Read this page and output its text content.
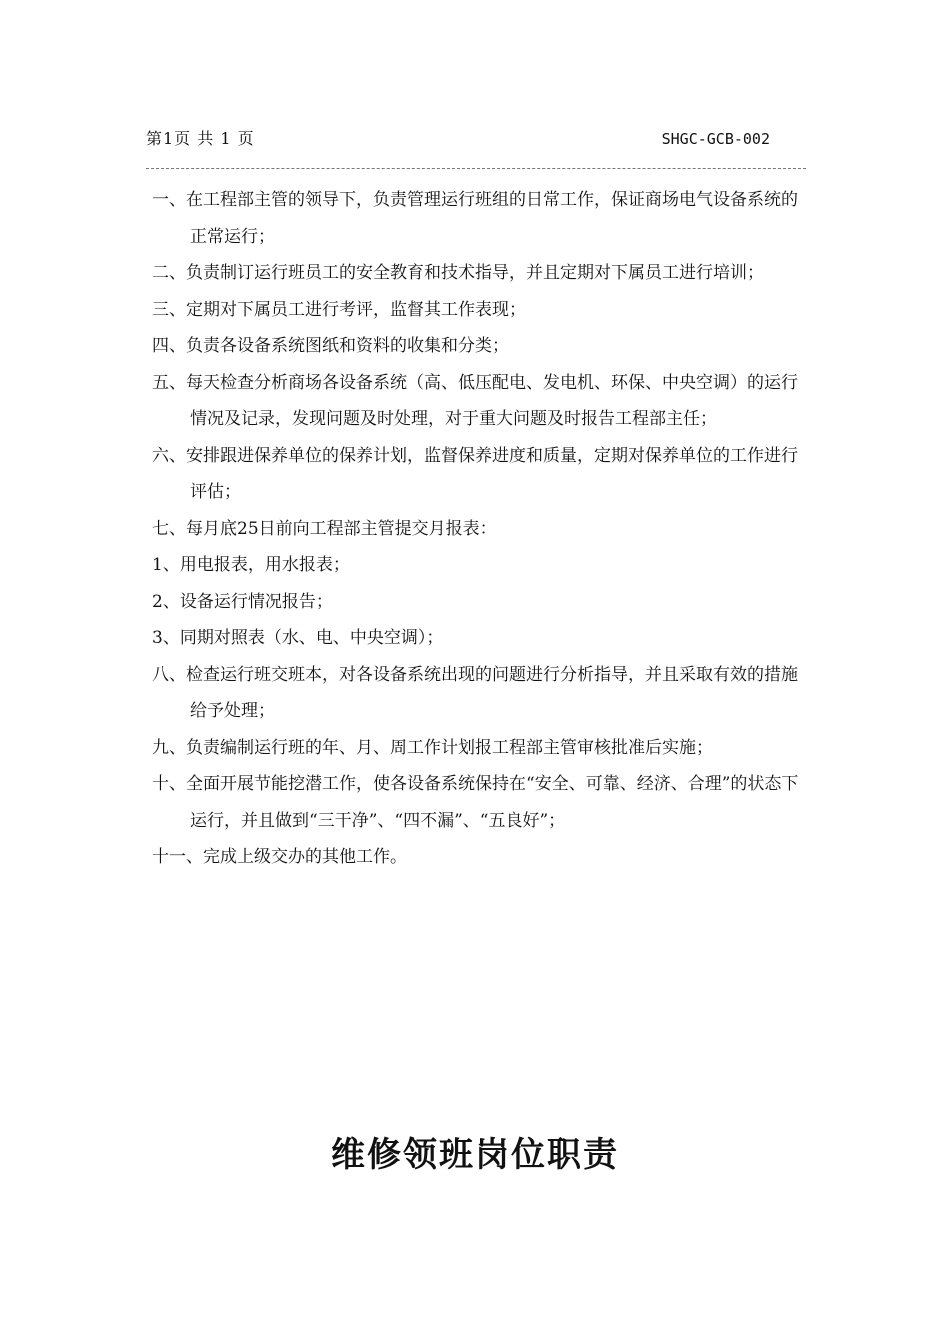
第1页 共 1 页	SHGC-GCB-002

一、在工程部主管的领导下，负责管理运行班组的日常工作，保证商场电气设备系统的正常运行；

二、负责制订运行班员工的安全教育和技术指导，并且定期对下属员工进行培训；

三、定期对下属员工进行考评，监督其工作表现；

四、负责各设备系统图纸和资料的收集和分类；

五、每天检查分析商场各设备系统（高、低压配电、发电机、环保、中央空调）的运行情况及记录，发现问题及时处理，对于重大问题及时报告工程部主任；

六、安排跟进保养单位的保养计划，监督保养进度和质量，定期对保养单位的工作进行评估；

七、每月底25日前向工程部主管提交月报表：

1、用电报表，用水报表；

2、设备运行情况报告；

3、同期对照表（水、电、中央空调）；

八、检查运行班交班本，对各设备系统出现的问题进行分析指导，并且采取有效的措施给予处理；

九、负责编制运行班的年、月、周工作计划报工程部主管审核批准后实施；

十、全面开展节能挖潜工作，使各设备系统保持在“安全、可靠、经济、合理”的状态下运行，并且做到“三干净”、“四不漏”、“五良好”；

十一、完成上级交办的其他工作。

维修领班岗位职责
